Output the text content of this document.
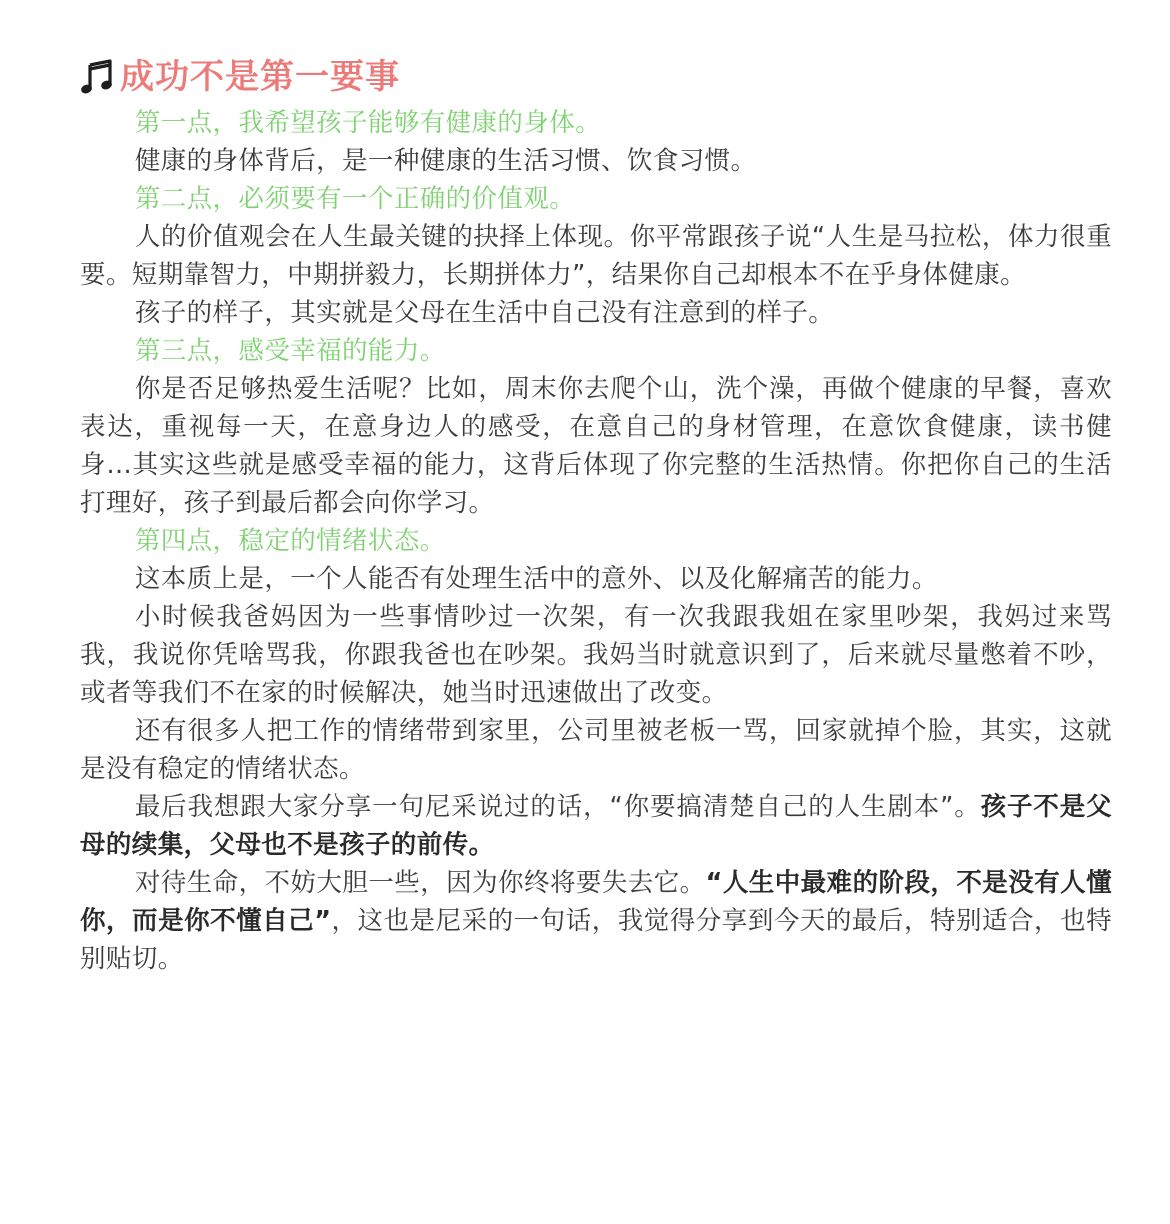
成功不是第一要事

第一点，我希望孩子能够有健康的身体。

健康的身体背后，是一种健康的生活习惯、饮食习惯。

第二点，必须要有一个正确的价值观。

人的价值观会在人生最关键的抉择上体现。你平常跟孩子说“人生是马拉松，体力很重要。短期靠智力，中期拼毅力，长期拼体力”，结果你自己却根本不在乎身体健康。

孩子的样子，其实就是父母在生活中自己没有注意到的样子。

第三点，感受幸福的能力。

你是否足够热爱生活呢？比如，周末你去爬个山，洗个澡，再做个健康的早餐，喜欢表达，重视每一天，在意身边人的感受，在意自己的身材管理，在意饮食健康，读书健身...其实这些就是感受幸福的能力，这背后体现了你完整的生活热情。你把你自己的生活打理好，孩子到最后都会向你学习。

第四点，稳定的情绪状态。

这本质上是，一个人能否有处理生活中的意外、以及化解痛苦的能力。

小时候我爸妈因为一些事情吵过一次架，有一次我跟我姐在家里吵架，我妈过来骂我，我说你凭啥骂我，你跟我爸也在吵架。我妈当时就意识到了，后来就尽量憋着不吵，或者等我们不在家的时候解决，她当时迅速做出了改变。

还有很多人把工作的情绪带到家里，公司里被老板一骂，回家就掉个脸，其实，这就是没有稳定的情绪状态。

最后我想跟大家分享一句尼采说过的话，“你要搞清楚自己的人生剧本”。孩子不是父母的续集，父母也不是孩子的前传。

对待生命，不妨大胆一些，因为你终将要失去它。“人生中最难的阶段，不是没有人懂你，而是你不懂自己”，这也是尼采的一句话，我觉得分享到今天的最后，特别适合，也特别贴切。
